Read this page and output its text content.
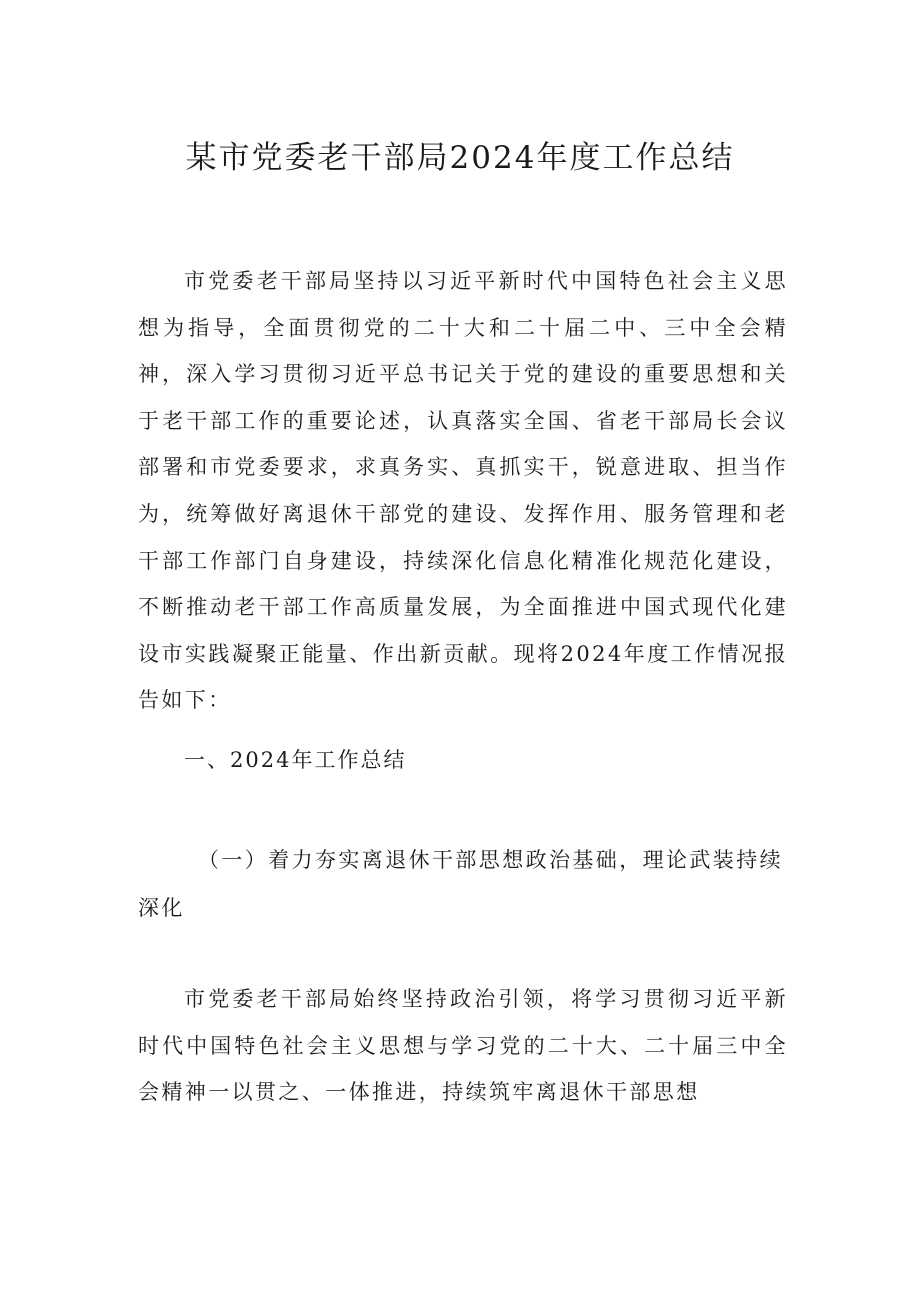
某市党委老干部局2024年度工作总结

市党委老干部局坚持以习近平新时代中国特色社会主义思想为指导，全面贯彻党的二十大和二十届二中、三中全会精神，深入学习贯彻习近平总书记关于党的建设的重要思想和关于老干部工作的重要论述，认真落实全国、省老干部局长会议部署和市党委要求，求真务实、真抓实干，锐意进取、担当作为，统筹做好离退休干部党的建设、发挥作用、服务管理和老干部工作部门自身建设，持续深化信息化精准化规范化建设，不断推动老干部工作高质量发展，为全面推进中国式现代化建设市实践凝聚正能量、作出新贡献。现将2024年度工作情况报告如下：

一、2024年工作总结
（一）着力夯实离退休干部思想政治基础，理论武装持续深化

市党委老干部局始终坚持政治引领，将学习贯彻习近平新时代中国特色社会主义思想与学习党的二十大、二十届三中全会精神一以贯之、一体推进，持续筑牢离退休干部思想
